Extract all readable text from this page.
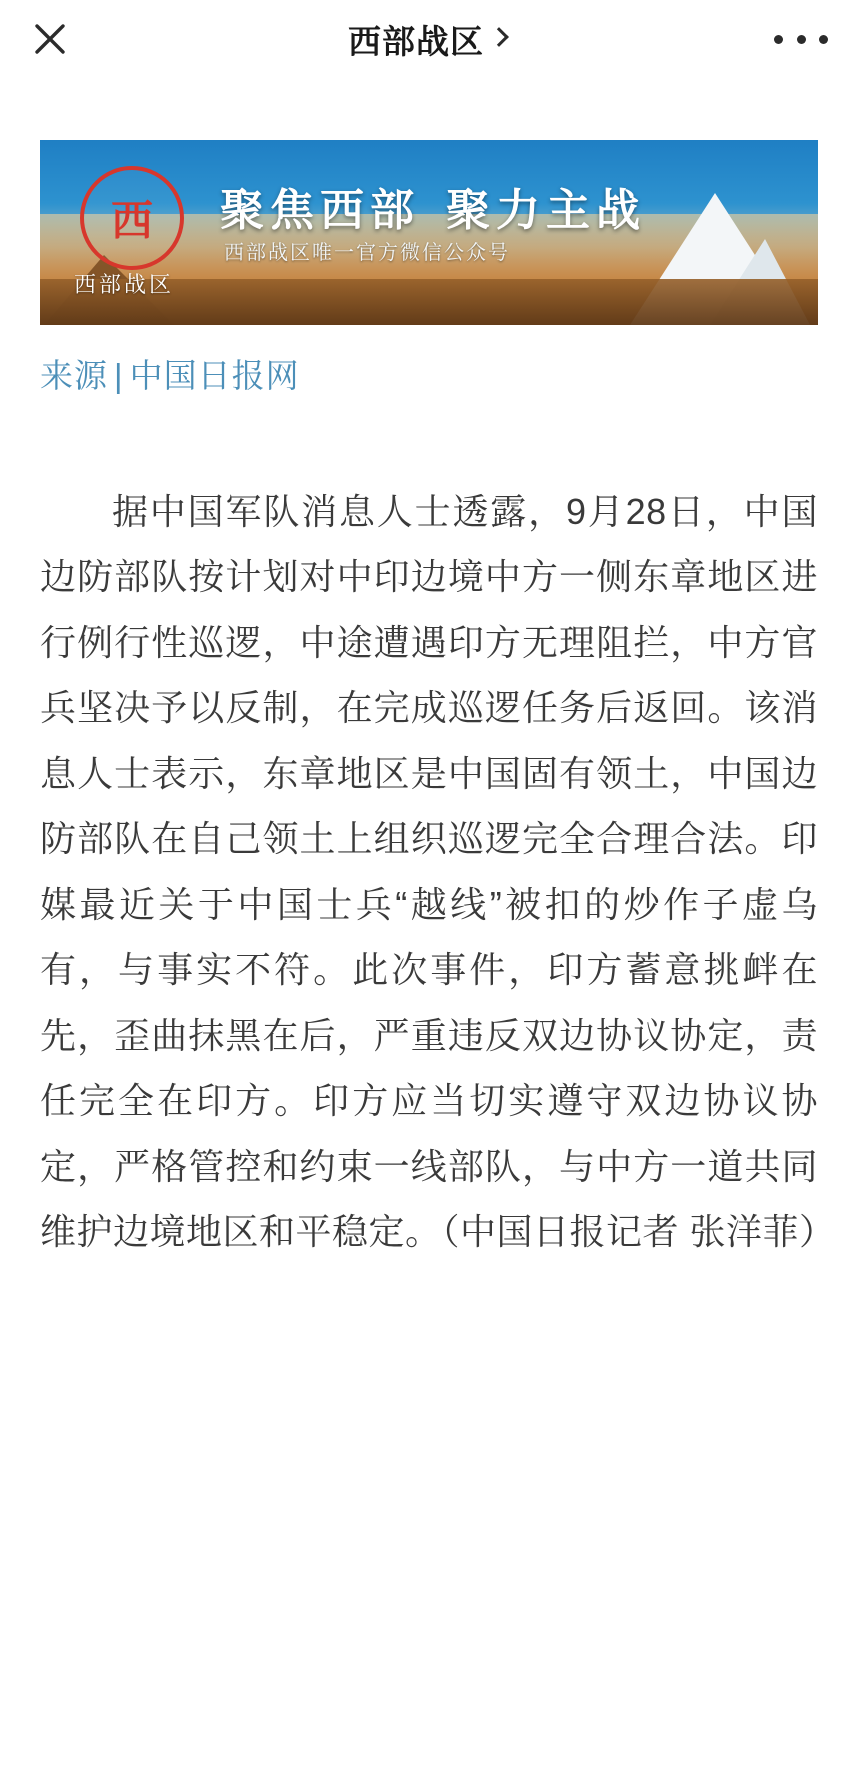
西部战区
西
西部战区
聚焦西部 聚力主战
西部战区唯一官方微信公众号
来源 | 中国日报网

据中国军队消息人士透露，9月28日，中国边防部队按计划对中印边境中方一侧东章地区进行例行性巡逻，中途遭遇印方无理阻拦，中方官兵坚决予以反制，在完成巡逻任务后返回。该消息人士表示，东章地区是中国固有领土，中国边防部队在自己领土上组织巡逻完全合理合法。印媒最近关于中国士兵“越线”被扣的炒作子虚乌有，与事实不符。此次事件，印方蓄意挑衅在先，歪曲抹黑在后，严重违反双边协议协定，责任完全在印方。印方应当切实遵守双边协议协定，严格管控和约束一线部队，与中方一道共同维护边境地区和平稳定。（中国日报记者 张洋菲）
